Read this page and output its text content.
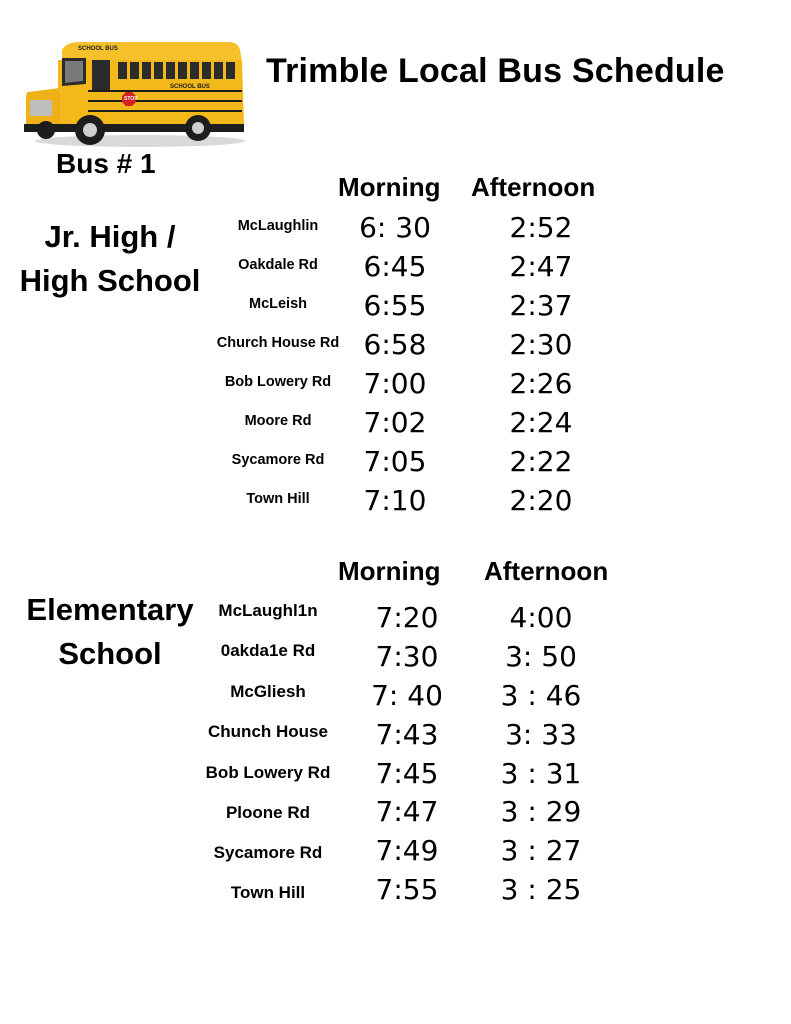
SCHOOL BUS
SCHOOL BUS
STOP
Trimble Local Bus Schedule
Bus # 1
Jr. High /
High School
Morning Afternoon
McLaughlin	6: 30	2:52
Oakdale Rd	6:45	2:47
McLeish	6:55	2:37
Church House Rd 6:58	2:30
Bob Lowery Rd	7:00	2:26
Moore Rd	7:02	2:24
Sycamore Rd	7:05	2:22
Town Hill	7:10	2:20
Elementary
School
Morning Afternoon
McLaughl1n	7:20	4:00
0akda1e Rd	7:30	3: 50
McGliesh	7: 40	3 : 46
Chunch House	7:43	3: 33
Bob Lowery Rd	7:45	3 : 31
Ploone Rd	7:47	3 : 29
Sycamore Rd	7:49	3 : 27
Town Hill	7:55	3 : 25
